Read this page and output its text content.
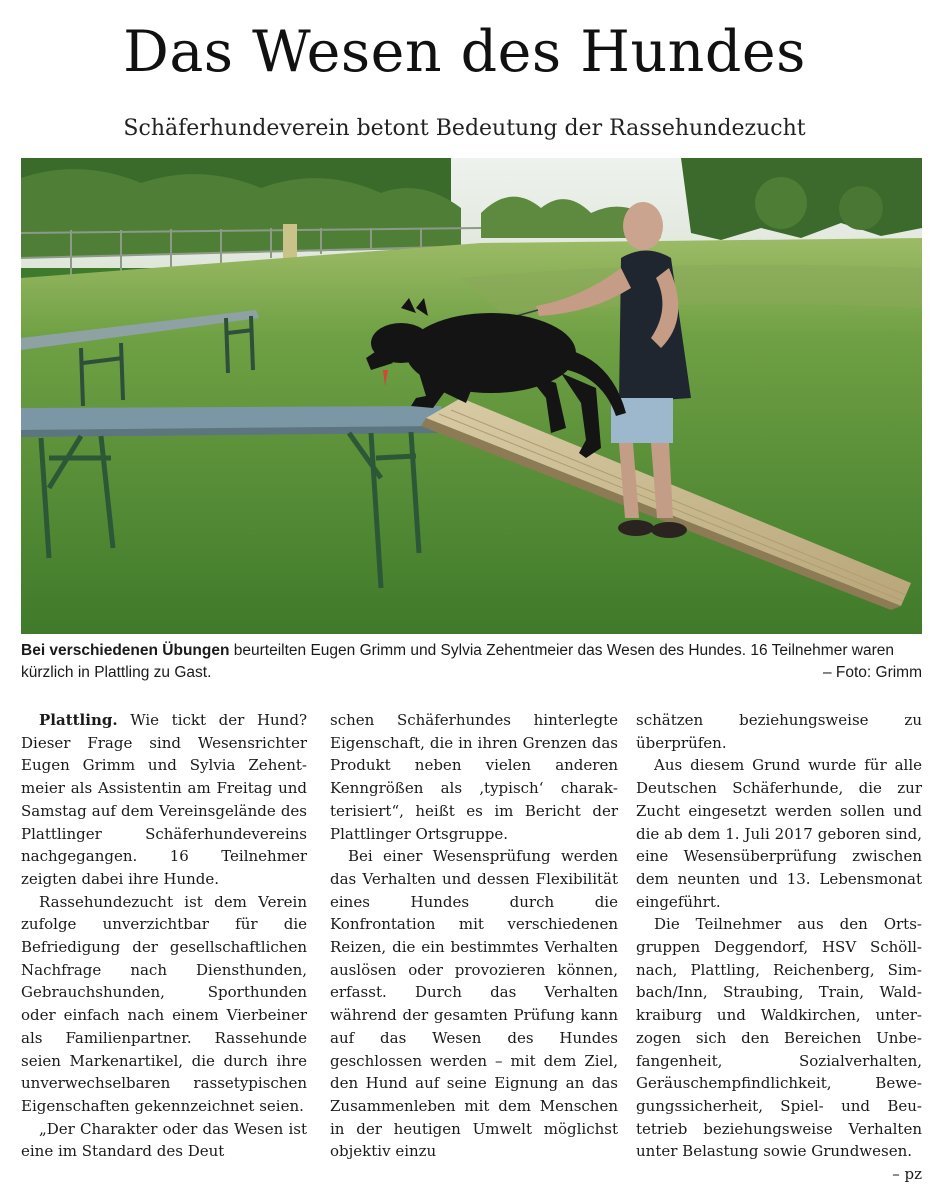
Das Wesen des Hundes
Schäferhundeverein betont Bedeutung der Rassehundezucht
Bei verschiedenen Übungen beurteilten Eugen Grimm und Sylvia Zehentmeier das Wesen des Hundes. 16 Teilnehmer waren kürzlich in Plattling zu Gast.	– Foto: Grimm

Plattling. Wie tickt der Hund? Dieser Frage sind Wesensrichter Eugen Grimm und Sylvia Zehentmeier als Assistentin am Freitag und Samstag auf dem Vereinsgelände des Plattlinger Schäferhundevereins nachgegangen. 16 Teilnehmer zeigten dabei ihre Hunde.

Rassehundezucht ist dem Verein zufolge unverzichtbar für die Befriedigung der gesellschaftlichen Nachfrage nach Diensthunden, Gebrauchshunden, Sporthunden oder einfach nach einem Vierbeiner als Familienpartner. Rassehunde seien Markenartikel, die durch ihre unverwechselbaren rassetypischen Eigenschaften gekennzeichnet seien.

„Der Charakter oder das Wesen ist eine im Standard des Deut

schen Schäferhundes hinterlegte Eigenschaft, die in ihren Grenzen das Produkt neben vielen anderen Kenngrößen als ‚typisch‘ charakterisiert“, heißt es im Bericht der Plattlinger Ortsgruppe.

Bei einer Wesensprüfung werden das Verhalten und dessen Flexibilität eines Hundes durch die Konfrontation mit verschiedenen Reizen, die ein bestimmtes Verhalten auslösen oder provozieren können, erfasst. Durch das Verhalten während der gesamten Prüfung kann auf das Wesen des Hundes geschlossen werden – mit dem Ziel, den Hund auf seine Eignung an das Zusammenleben mit dem Menschen in der heutigen Umwelt möglichst objektiv einzu

schätzen beziehungsweise zu überprüfen.

Aus diesem Grund wurde für alle Deutschen Schäferhunde, die zur Zucht eingesetzt werden sollen und die ab dem 1. Juli 2017 geboren sind, eine Wesensüberprüfung zwischen dem neunten und 13. Lebensmonat eingeführt.

Die Teilnehmer aus den Ortsgruppen Deggendorf, HSV Schöllnach, Plattling, Reichenberg, Simbach/Inn, Straubing, Train, Waldkraiburg und Waldkirchen, unterzogen sich den Bereichen Unbefangenheit, Sozialverhalten, Geräuschempfindlichkeit, Bewegungssicherheit, Spiel- und Beutetrieb beziehungsweise Verhalten unter Belastung sowie Grundwesen.
– pz
